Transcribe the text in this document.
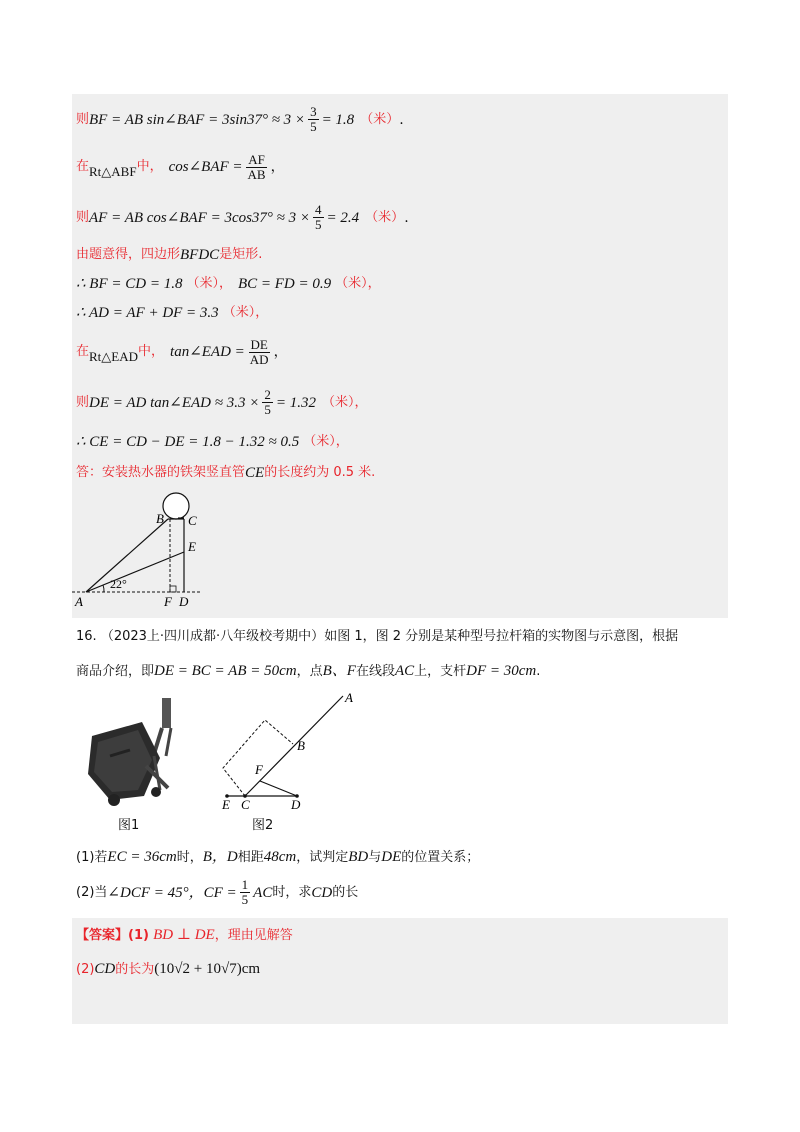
则 BF = AB sin∠BAF = $3\sin 37^\circ \approx 3 \times \frac{3}{5} = 1.8$ （米） .
在 Rt△ABF 中， cos∠BAF = $\frac{AF}{AB}$ ，
则 AF = AB cos∠BAF = $3\cos 37^\circ \approx 3 \times \frac{4}{5} = 2.4$ （米） .
由题意得，四边形 BFDC 是矩形.
∴ BF = CD = 1.8 （米）， BC = FD = 0.9 （米），
∴ AD = AF + DF = 3.3 （米），
在 Rt△EAD 中， tan∠EAD = $\frac{DE}{AD}$ ，
则 DE = AD tan∠EAD ≈ $3.3 \times \frac{2}{5} = 1.32$ （米），
∴ CE = CD − DE = 1.8 − 1.32 ≈ 0.5 （米），
答：安装热水器的铁架竖直管 CE 的长度约为 0.5 米.
B C
E
A	F D
22°
16. （2023上·四川成都·八年级校考期中）如图 1，图 2 分别是某种型号拉杆箱的实物图与示意图，根据
商品介绍，即DE = BC = AB = 50cm，点B、F在线段AC上，支杆DF = 30cm.
图1
A
B
F
E C	D
图2
(1)若EC = 36cm时，B，D相距48cm，试判定BD与DE的位置关系；
(2)当 ∠DCF = 45°，CF = $\frac{1}{5}$ AC 时，求 CD 的长
【答案】(1) BD ⊥ DE，理由见解答
(2)CD的长为(10√2 + 10√7)cm
